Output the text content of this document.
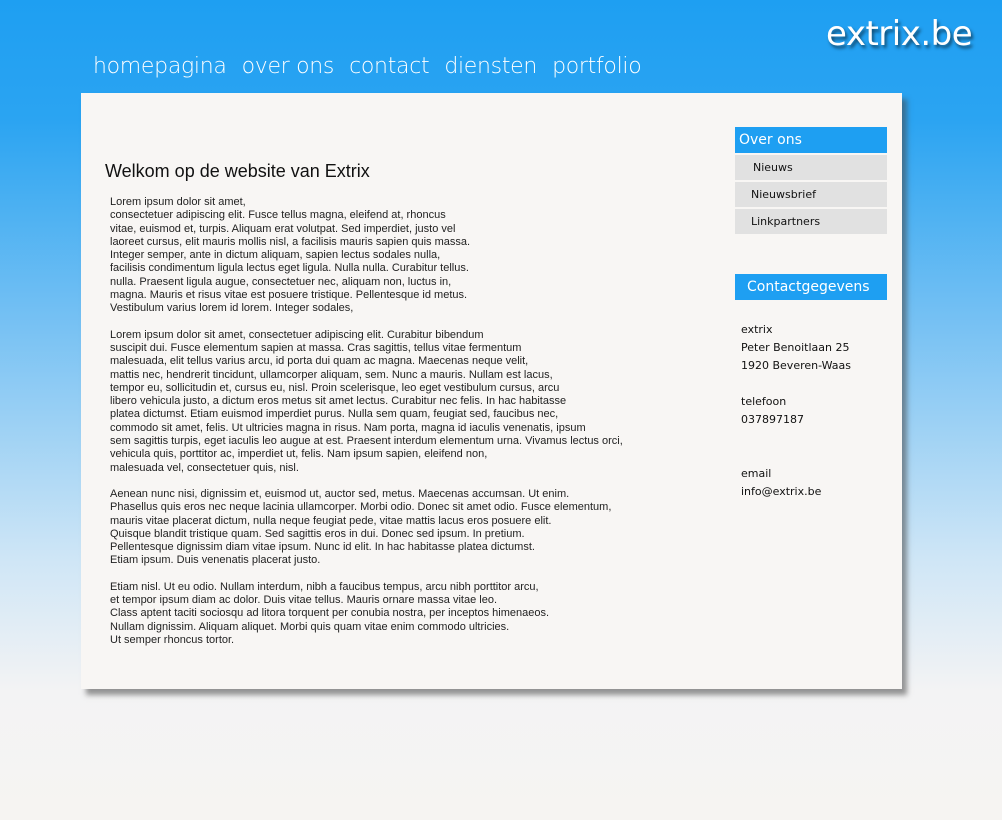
extrix.be
homepagina over ons contact diensten portfolio
Welkom op de website van Extrix

Lorem ipsum dolor sit amet,
consectetuer adipiscing elit. Fusce tellus magna, eleifend at, rhoncus
vitae, euismod et, turpis. Aliquam erat volutpat. Sed imperdiet, justo vel
laoreet cursus, elit mauris mollis nisl, a facilisis mauris sapien quis massa.
Integer semper, ante in dictum aliquam, sapien lectus sodales nulla,
facilisis condimentum ligula lectus eget ligula. Nulla nulla. Curabitur tellus.
nulla. Praesent ligula augue, consectetuer nec, aliquam non, luctus in,
magna. Mauris et risus vitae est posuere tristique. Pellentesque id metus.
Vestibulum varius lorem id lorem. Integer sodales,

Lorem ipsum dolor sit amet, consectetuer adipiscing elit. Curabitur bibendum
suscipit dui. Fusce elementum sapien at massa. Cras sagittis, tellus vitae fermentum
malesuada, elit tellus varius arcu, id porta dui quam ac magna. Maecenas neque velit,
mattis nec, hendrerit tincidunt, ullamcorper aliquam, sem. Nunc a mauris. Nullam est lacus,
tempor eu, sollicitudin et, cursus eu, nisl. Proin scelerisque, leo eget vestibulum cursus, arcu
libero vehicula justo, a dictum eros metus sit amet lectus. Curabitur nec felis. In hac habitasse
platea dictumst. Etiam euismod imperdiet purus. Nulla sem quam, feugiat sed, faucibus nec,
commodo sit amet, felis. Ut ultricies magna in risus. Nam porta, magna id iaculis venenatis, ipsum
sem sagittis turpis, eget iaculis leo augue at est. Praesent interdum elementum urna. Vivamus lectus orci,
vehicula quis, porttitor ac, imperdiet ut, felis. Nam ipsum sapien, eleifend non,
malesuada vel, consectetuer quis, nisl.

Aenean nunc nisi, dignissim et, euismod ut, auctor sed, metus. Maecenas accumsan. Ut enim.
Phasellus quis eros nec neque lacinia ullamcorper. Morbi odio. Donec sit amet odio. Fusce elementum,
mauris vitae placerat dictum, nulla neque feugiat pede, vitae mattis lacus eros posuere elit.
Quisque blandit tristique quam. Sed sagittis eros in dui. Donec sed ipsum. In pretium.
Pellentesque dignissim diam vitae ipsum. Nunc id elit. In hac habitasse platea dictumst.
Etiam ipsum. Duis venenatis placerat justo.

Etiam nisl. Ut eu odio. Nullam interdum, nibh a faucibus tempus, arcu nibh porttitor arcu,
et tempor ipsum diam ac dolor. Duis vitae tellus. Mauris ornare massa vitae leo.
Class aptent taciti sociosqu ad litora torquent per conubia nostra, per inceptos himenaeos.
Nullam dignissim. Aliquam aliquet. Morbi quis quam vitae enim commodo ultricies.
Ut semper rhoncus tortor.

Over ons
Nieuws
Nieuwsbrief
Linkpartners
Contactgegevens
extrix
Peter Benoitlaan 25
1920 Beveren-Waas
telefoon
037897187
email
info@extrix.be
